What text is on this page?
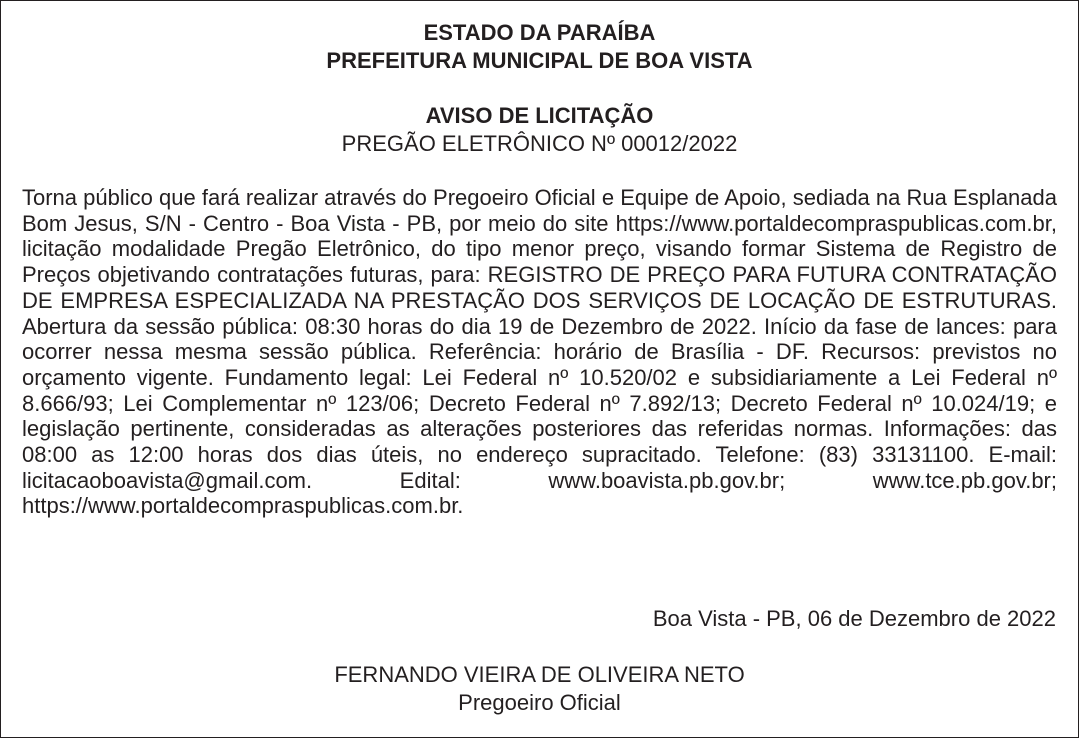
ESTADO DA PARAÍBA
PREFEITURA MUNICIPAL DE BOA VISTA
AVISO DE LICITAÇÃO
PREGÃO ELETRÔNICO Nº 00012/2022
Torna público que fará realizar através do Pregoeiro Oficial e Equipe de Apoio, sediada na Rua Esplanada Bom Jesus, S/N - Centro - Boa Vista - PB, por meio do site https://www.portaldecompraspublicas.com.br, licitação modalidade Pregão Eletrônico, do tipo menor preço, visando formar Sistema de Registro de Preços objetivando contratações futuras, para: REGISTRO DE PREÇO PARA FUTURA CONTRATAÇÃO DE EMPRESA ESPECIALIZADA NA PRESTAÇÃO DOS SERVIÇOS DE LOCAÇÃO DE ESTRUTURAS. Abertura da sessão pública: 08:30 horas do dia 19 de Dezembro de 2022. Início da fase de lances: para ocorrer nessa mesma sessão pública. Referência: horário de Brasília - DF. Recursos: previstos no orçamento vigente. Fundamento legal: Lei Federal nº 10.520/02 e subsidiariamente a Lei Federal nº 8.666/93; Lei Complementar nº 123/06; Decreto Federal nº 7.892/13; Decreto Federal nº 10.024/19; e legislação pertinente, consideradas as alterações posteriores das referidas normas. Informações: das 08:00 as 12:00 horas dos dias úteis, no endereço supracitado. Telefone: (83) 33131100. E-mail: licitacaoboavista@gmail.com. Edital: www.boavista.pb.gov.br; www.tce.pb.gov.br; https://www.portaldecompraspublicas.com.br.
Boa Vista - PB, 06 de Dezembro de 2022
FERNANDO VIEIRA DE OLIVEIRA NETO
Pregoeiro Oficial
